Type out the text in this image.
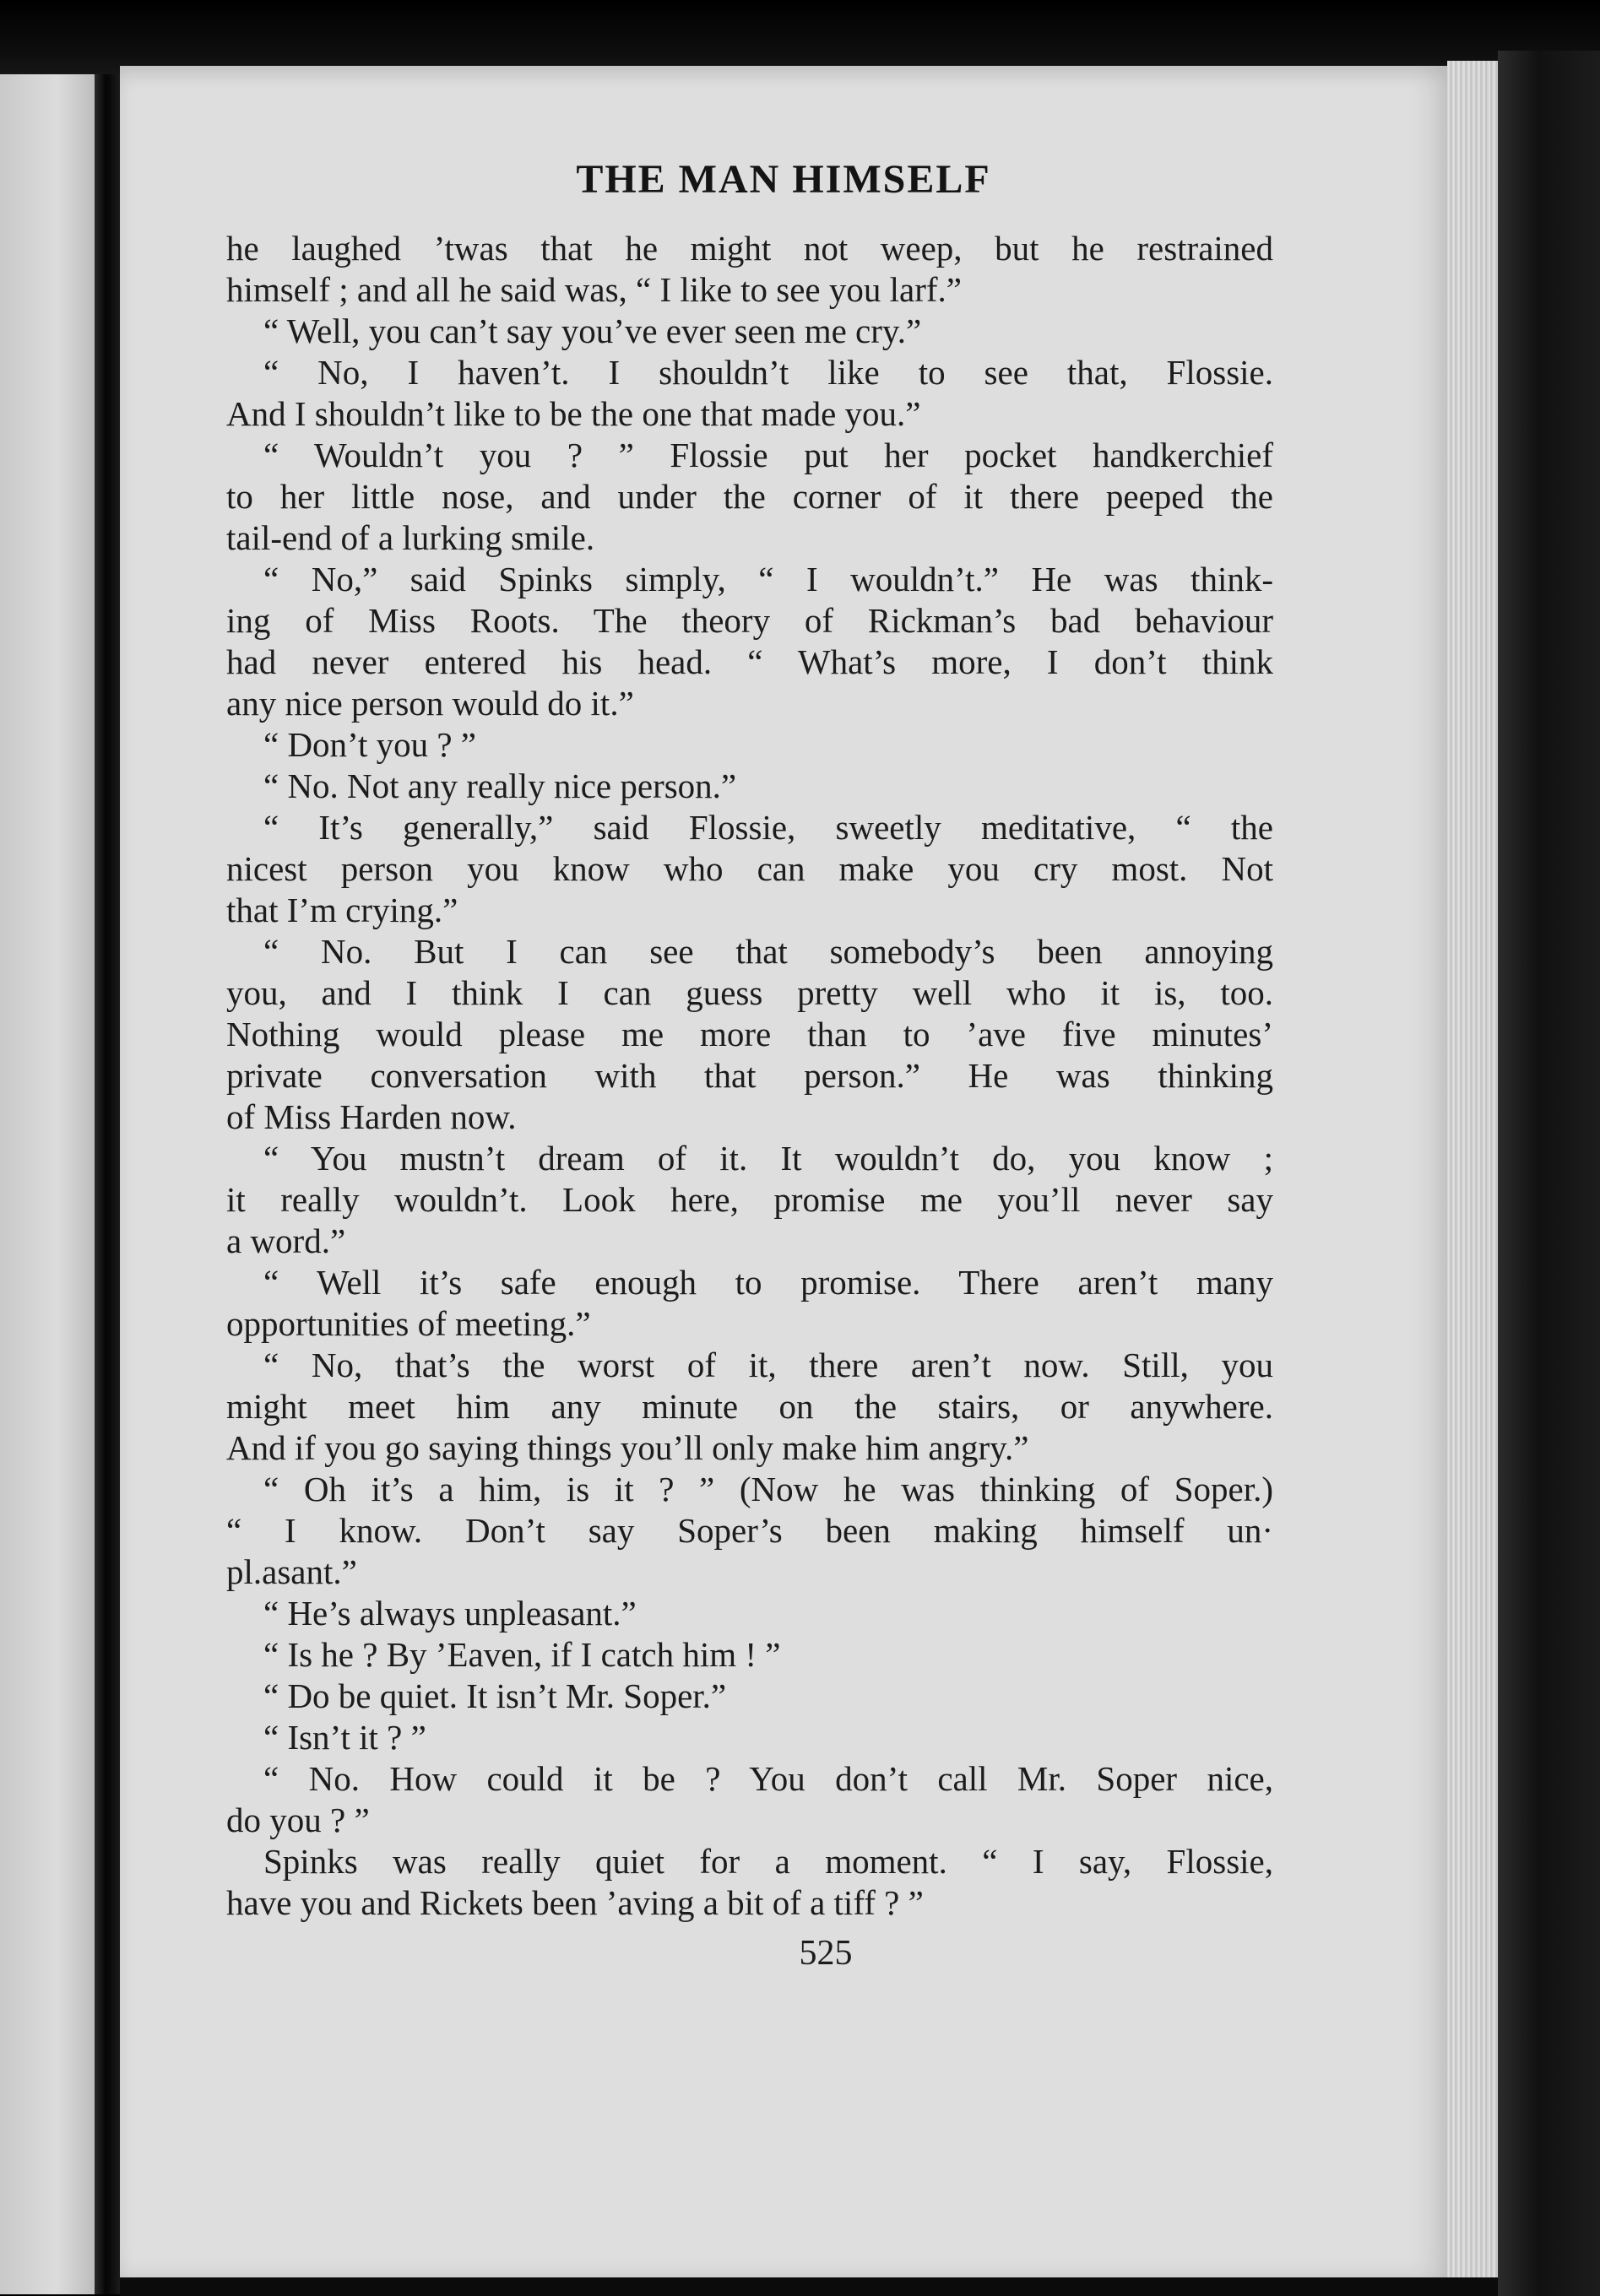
THE MAN HIMSELF
he laughed ’twas that he might not weep, but he restrained
himself ; and all he said was, “ I like to see you larf.”
“ Well, you can’t say you’ve ever seen me cry.”
“ No, I haven’t. I shouldn’t like to see that, Flossie.
And I shouldn’t like to be the one that made you.”
“ Wouldn’t you ? ” Flossie put her pocket handkerchief
to her little nose, and under the corner of it there peeped the
tail-end of a lurking smile.
“ No,” said Spinks simply, “ I wouldn’t.” He was think-
ing of Miss Roots. The theory of Rickman’s bad behaviour
had never entered his head. “ What’s more, I don’t think
any nice person would do it.”
“ Don’t you ? ”
“ No. Not any really nice person.”
“ It’s generally,” said Flossie, sweetly meditative, “ the
nicest person you know who can make you cry most. Not
that I’m crying.”
“ No. But I can see that somebody’s been annoying
you, and I think I can guess pretty well who it is, too.
Nothing would please me more than to ’ave five minutes’
private conversation with that person.” He was thinking
of Miss Harden now.
“ You mustn’t dream of it. It wouldn’t do, you know ;
it really wouldn’t. Look here, promise me you’ll never say
a word.”
“ Well it’s safe enough to promise. There aren’t many
opportunities of meeting.”
“ No, that’s the worst of it, there aren’t now. Still, you
might meet him any minute on the stairs, or anywhere.
And if you go saying things you’ll only make him angry.”
“ Oh it’s a him, is it ? ” (Now he was thinking of Soper.)
“ I know. Don’t say Soper’s been making himself un·
pl.asant.”
“ He’s always unpleasant.”
“ Is he ? By ’Eaven, if I catch him ! ”
“ Do be quiet. It isn’t Mr. Soper.”
“ Isn’t it ? ”
“ No. How could it be ? You don’t call Mr. Soper nice,
do you ? ”
Spinks was really quiet for a moment. “ I say, Flossie,
have you and Rickets been ’aving a bit of a tiff ? ”
525
